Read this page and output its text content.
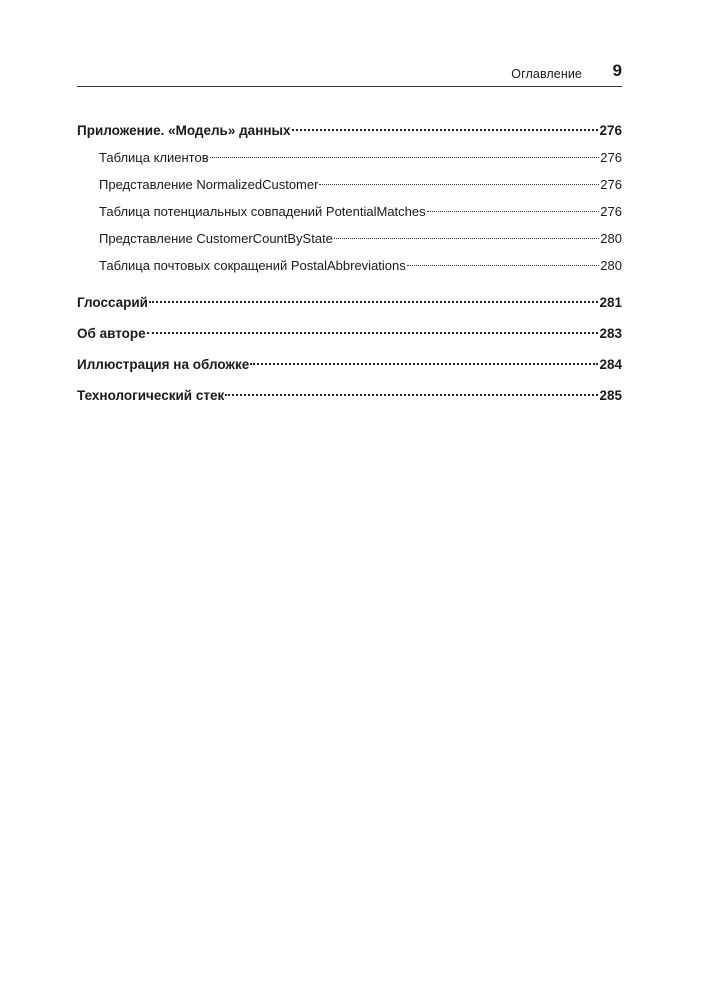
Оглавление 9
Приложение. «Модель» данных	276
Таблица клиентов	276
Представление NormalizedCustomer	276
Таблица потенциальных совпадений PotentialMatches	276
Представление CustomerCountByState	280
Таблица почтовых сокращений PostalAbbreviations	280
Глоссарий	281
Об авторе	283
Иллюстрация на обложке	284
Технологический стек	285
